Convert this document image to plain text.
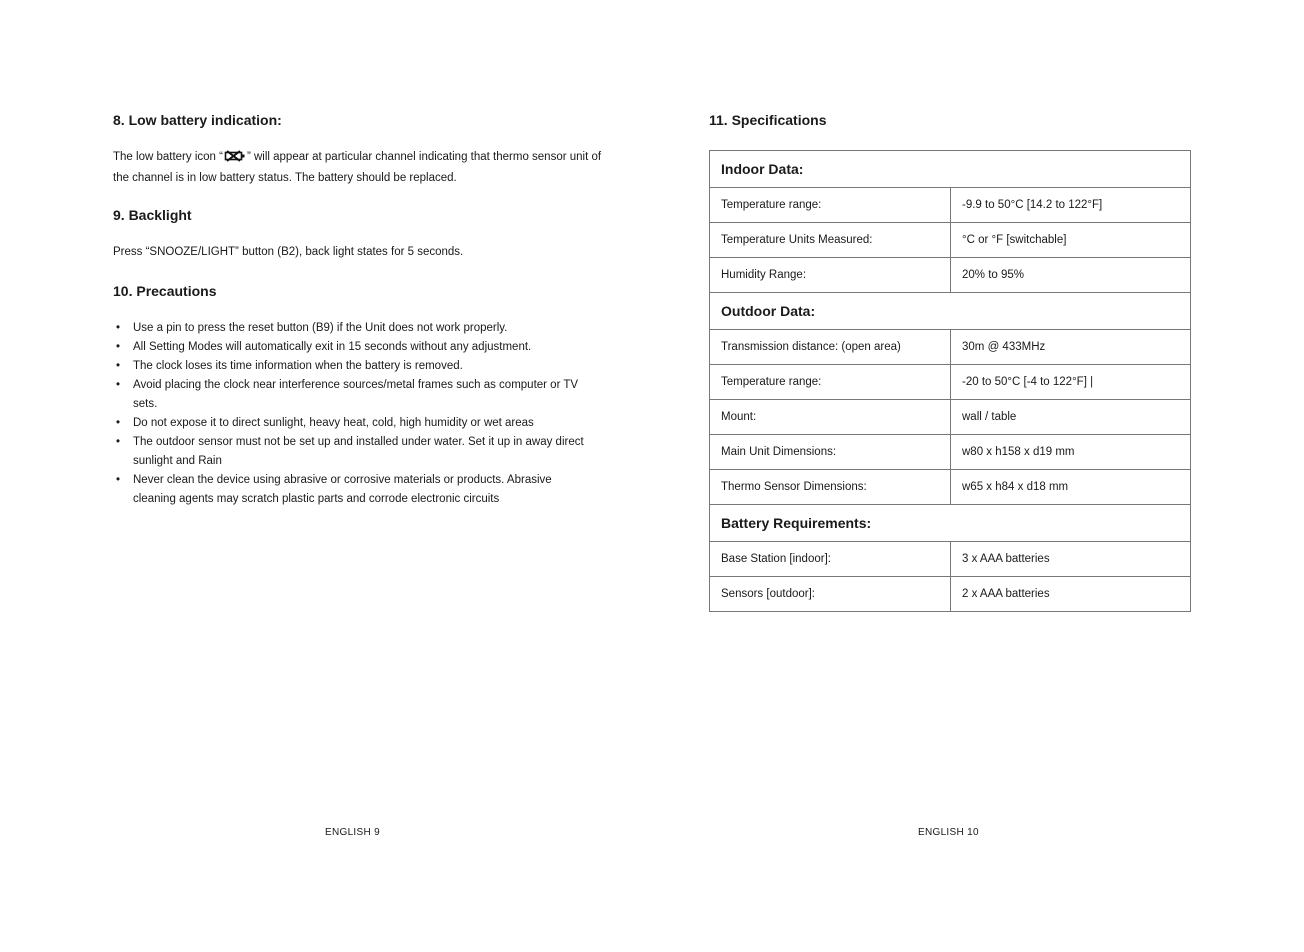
8. Low battery indication:

The low battery icon “ ” will appear at particular channel indicating that thermo sensor unit of the channel is in low battery status. The battery should be replaced.

9. Backlight

Press “SNOOZE/LIGHT” button (B2), back light states for 5 seconds.

10. Precautions
• Use a pin to press the reset button (B9) if the Unit does not work properly.
• All Setting Modes will automatically exit in 15 seconds without any adjustment.
• The clock loses its time information when the battery is removed.
• Avoid placing the clock near interference sources/metal frames such as computer or TV sets.
• Do not expose it to direct sunlight, heavy heat, cold, high humidity or wet areas
• The outdoor sensor must not be set up and installed under water. Set it up in away direct sunlight and Rain
• Never clean the device using abrasive or corrosive materials or products. Abrasive cleaning agents may scratch plastic parts and corrode electronic circuits
ENGLISH 9
11. Specifications
Indoor Data:	
Temperature range:	-9.9 to 50°C [14.2 to 122°F]
Temperature Units Measured:	°C or °F [switchable]
Humidity Range:	20% to 95%
Outdoor Data:	
Transmission distance: (open area)	30m @ 433MHz
Temperature range:	-20 to 50°C [-4 to 122°F] |
Mount:	wall / table
Main Unit Dimensions:	w80 x h158 x d19 mm
Thermo Sensor Dimensions:	w65 x h84 x d18 mm
Battery Requirements:	
Base Station [indoor]:	3 x AAA batteries
Sensors [outdoor]:	2 x AAA batteries
ENGLISH 10
